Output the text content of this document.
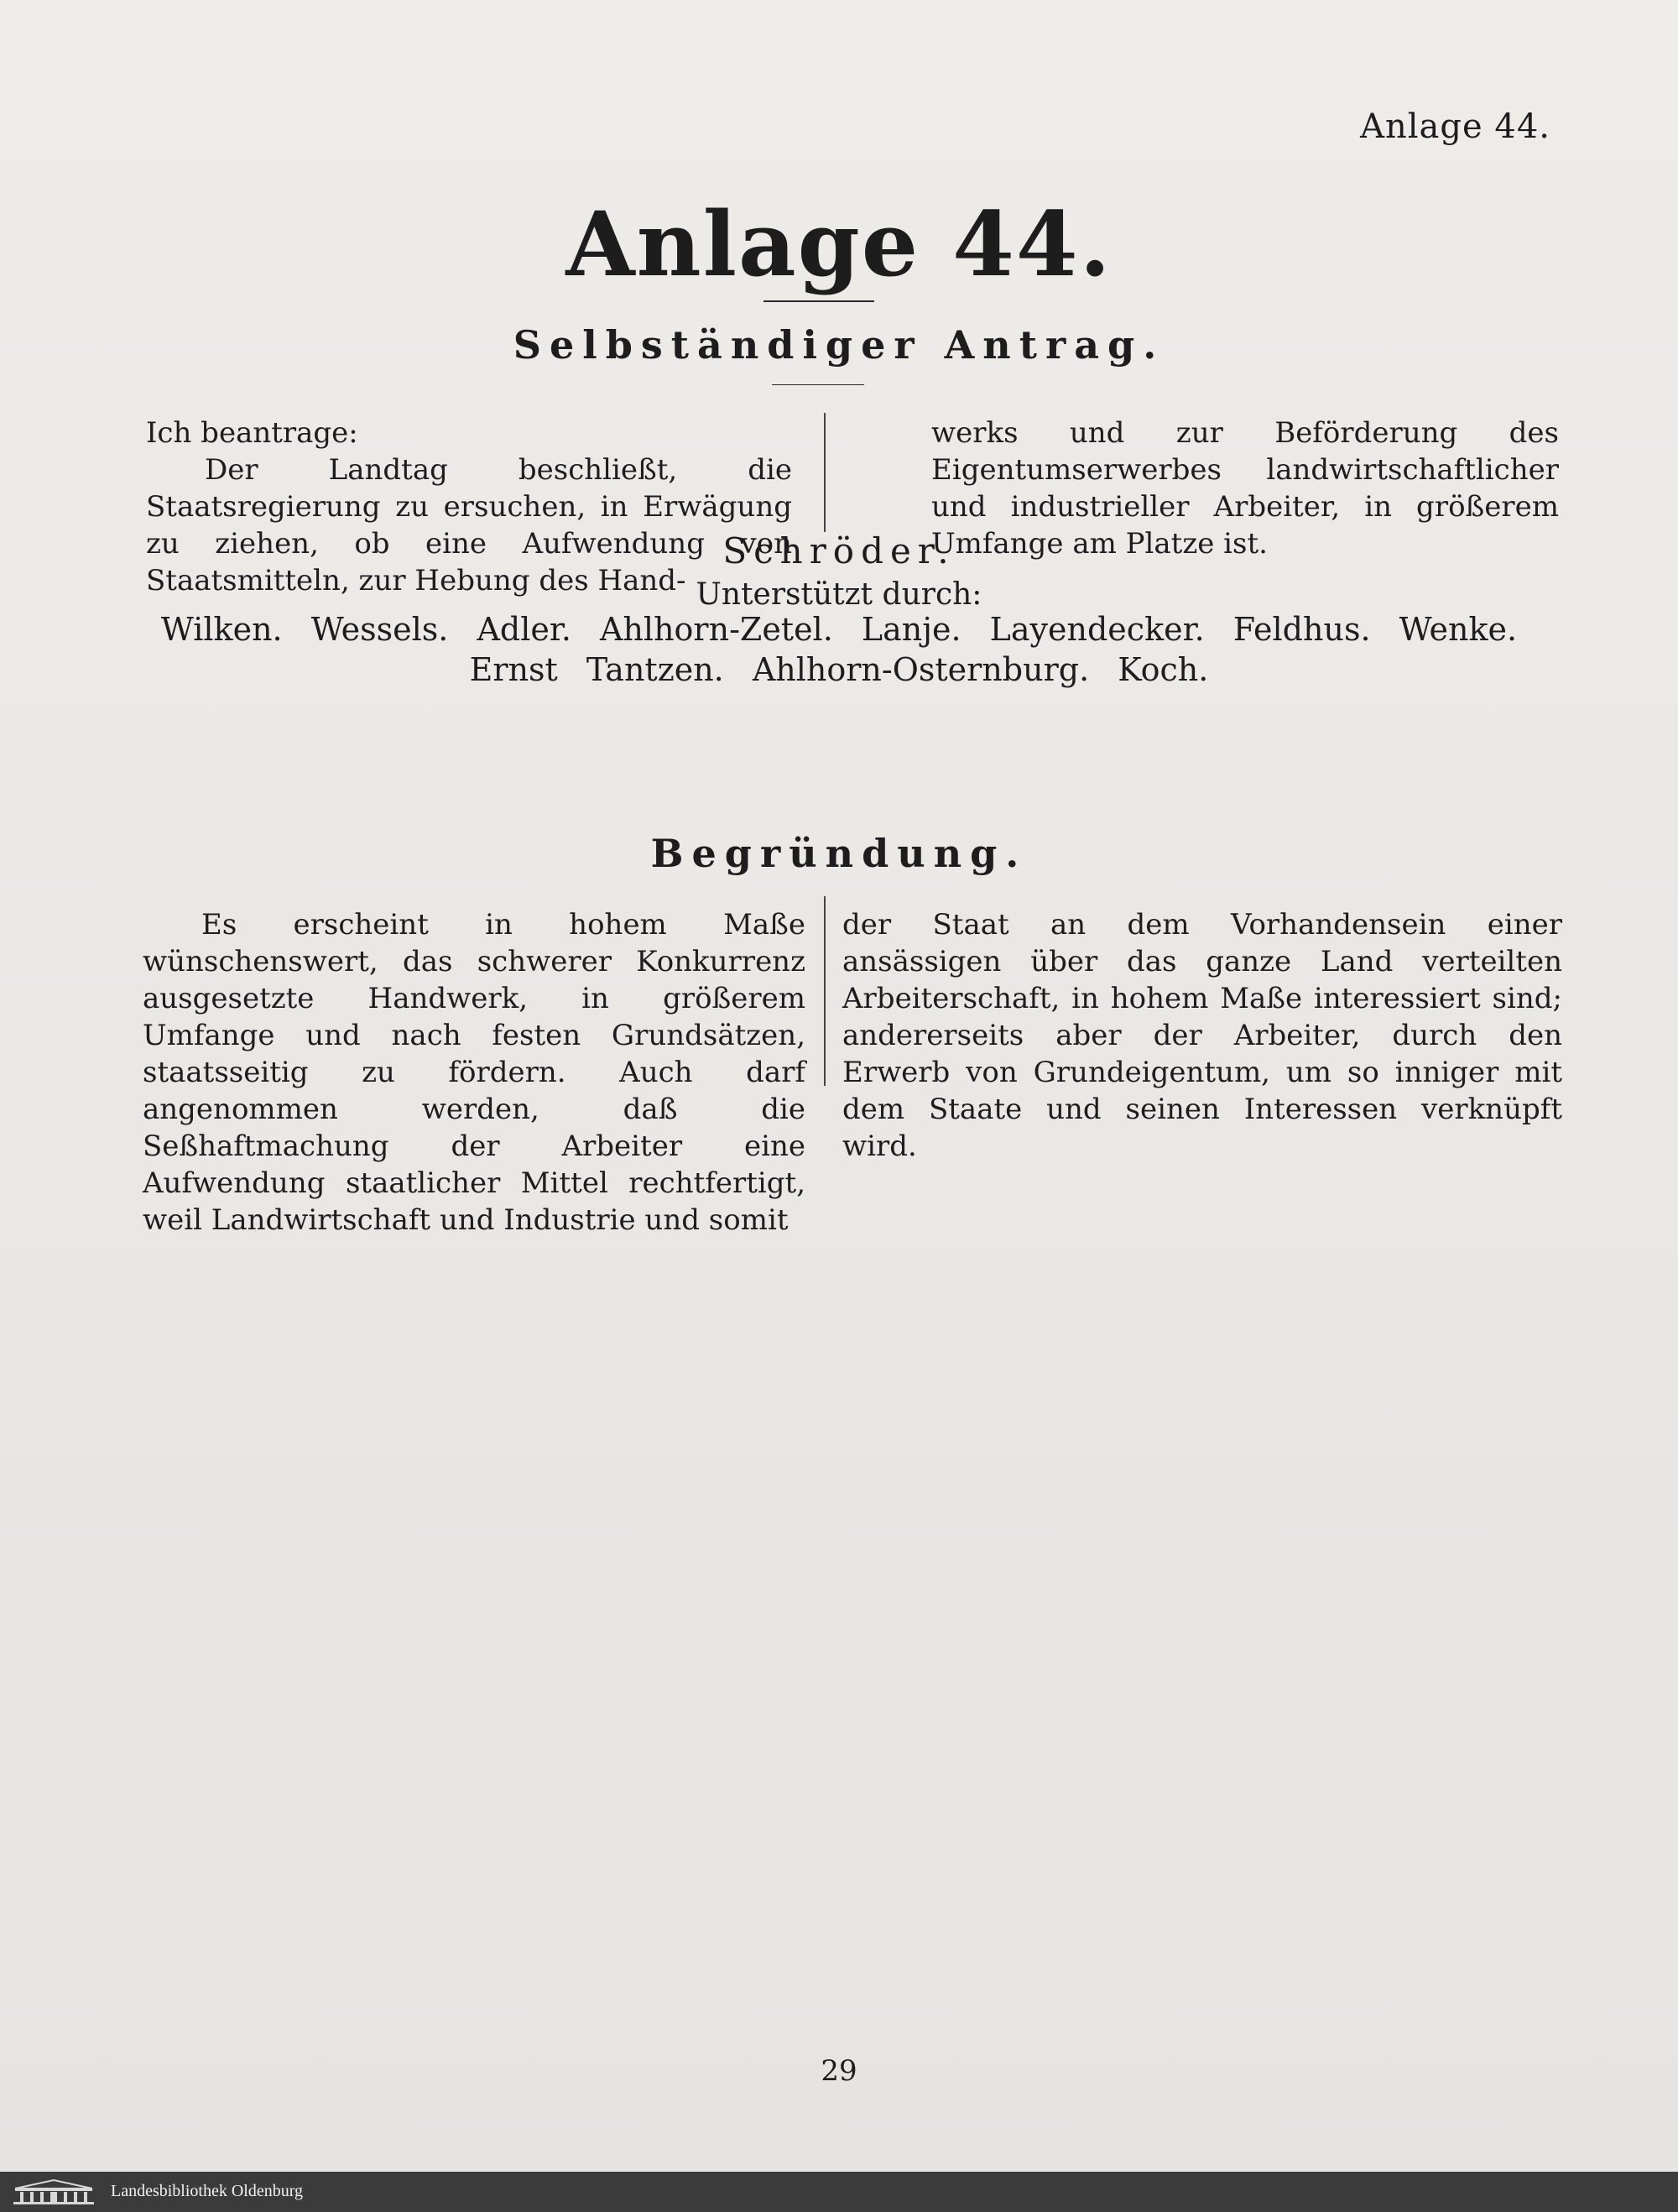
Anlage 44.
Anlage 44.
Selbständiger Antrag.

Ich beantrage:

Der Landtag beschließt, die Staatsregierung zu ersuchen, in Erwägung zu ziehen, ob eine Aufwendung von Staatsmitteln, zur Hebung des Hand-

werks und zur Beförderung des Eigentumserwerbes landwirtschaftlicher und industrieller Arbeiter, in größerem Umfange am Platze ist.

Schröder.
Unterstützt durch:
Wilken. Wessels. Adler. Ahlhorn-Zetel. Lanje. Layendecker. Feldhus. Wenke.
Ernst Tantzen. Ahlhorn-Osternburg. Koch.
Begründung.

Es erscheint in hohem Maße wünschenswert, das schwerer Konkurrenz ausgesetzte Handwerk, in größerem Umfange und nach festen Grundsätzen, staatsseitig zu fördern. Auch darf angenommen werden, daß die Seßhaftmachung der Arbeiter eine Aufwendung staatlicher Mittel rechtfertigt, weil Landwirtschaft und Industrie und somit

der Staat an dem Vorhandensein einer ansässigen über das ganze Land verteilten Arbeiterschaft, in hohem Maße interessiert sind; andererseits aber der Arbeiter, durch den Erwerb von Grundeigentum, um so inniger mit dem Staate und seinen Interessen verknüpft wird.

29
Landesbibliothek Oldenburg
